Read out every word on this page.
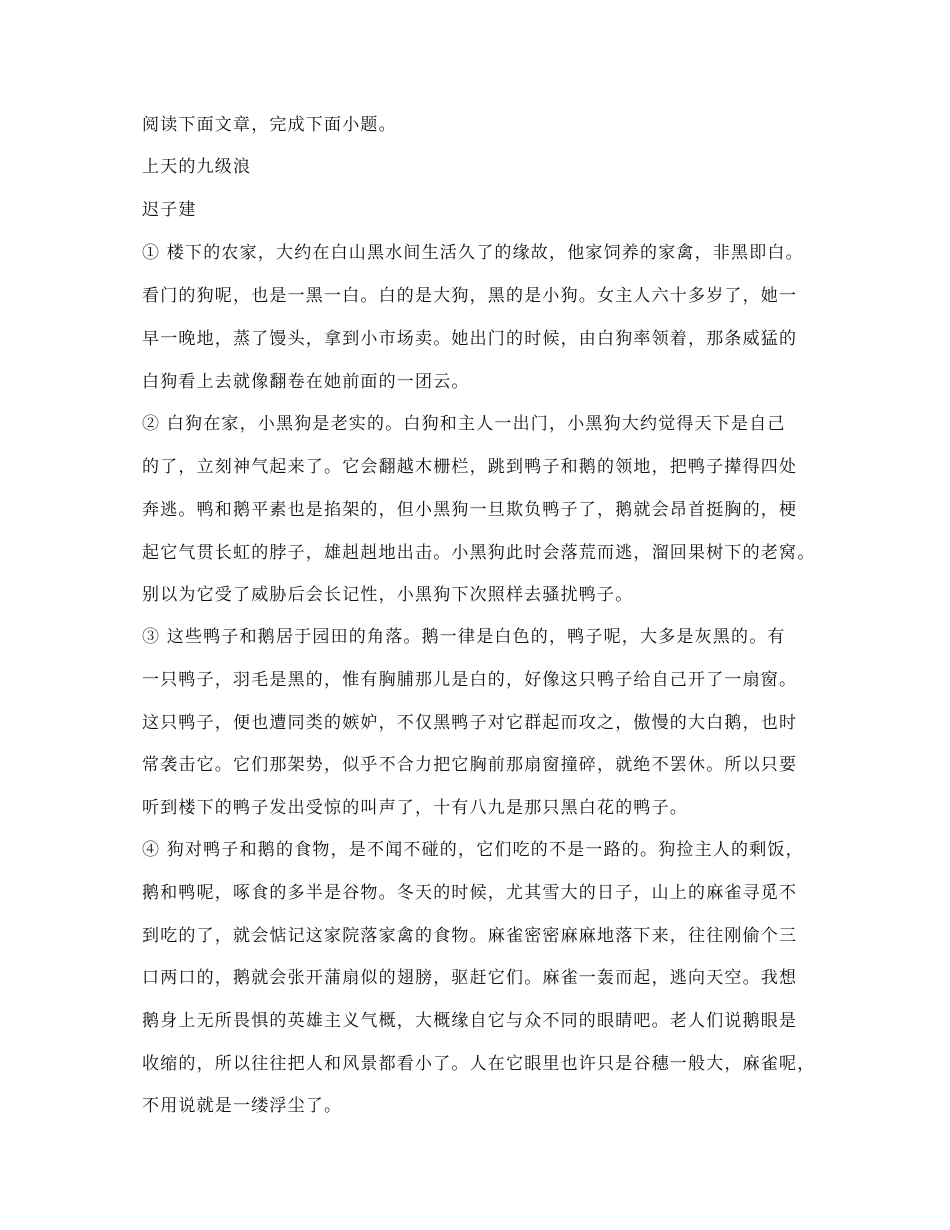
阅读下面文章，完成下面小题。
上天的九级浪
迟子建
① 楼下的农家，大约在白山黑水间生活久了的缘故，他家饲养的家禽，非黑即白。
看门的狗呢，也是一黑一白。白的是大狗，黑的是小狗。女主人六十多岁了，她一
早一晚地，蒸了馒头，拿到小市场卖。她出门的时候，由白狗率领着，那条威猛的
白狗看上去就像翻卷在她前面的一团云。
② 白狗在家，小黑狗是老实的。白狗和主人一出门，小黑狗大约觉得天下是自己
的了，立刻神气起来了。它会翻越木栅栏，跳到鸭子和鹅的领地，把鸭子撵得四处
奔逃。鸭和鹅平素也是掐架的，但小黑狗一旦欺负鸭子了，鹅就会昂首挺胸的，梗
起它气贯长虹的脖子，雄赳赳地出击。小黑狗此时会落荒而逃，溜回果树下的老窝。
别以为它受了威胁后会长记性，小黑狗下次照样去骚扰鸭子。
③ 这些鸭子和鹅居于园田的角落。鹅一律是白色的，鸭子呢，大多是灰黑的。有
一只鸭子，羽毛是黑的，惟有胸脯那儿是白的，好像这只鸭子给自己开了一扇窗。
这只鸭子，便也遭同类的嫉妒，不仅黑鸭子对它群起而攻之，傲慢的大白鹅，也时
常袭击它。它们那架势，似乎不合力把它胸前那扇窗撞碎，就绝不罢休。所以只要
听到楼下的鸭子发出受惊的叫声了，十有八九是那只黑白花的鸭子。
④ 狗对鸭子和鹅的食物，是不闻不碰的，它们吃的不是一路的。狗捡主人的剩饭，
鹅和鸭呢，啄食的多半是谷物。冬天的时候，尤其雪大的日子，山上的麻雀寻觅不
到吃的了，就会惦记这家院落家禽的食物。麻雀密密麻麻地落下来，往往刚偷个三
口两口的，鹅就会张开蒲扇似的翅膀，驱赶它们。麻雀一轰而起，逃向天空。我想
鹅身上无所畏惧的英雄主义气概，大概缘自它与众不同的眼睛吧。老人们说鹅眼是
收缩的，所以往往把人和风景都看小了。人在它眼里也许只是谷穗一般大，麻雀呢，
不用说就是一缕浮尘了。
